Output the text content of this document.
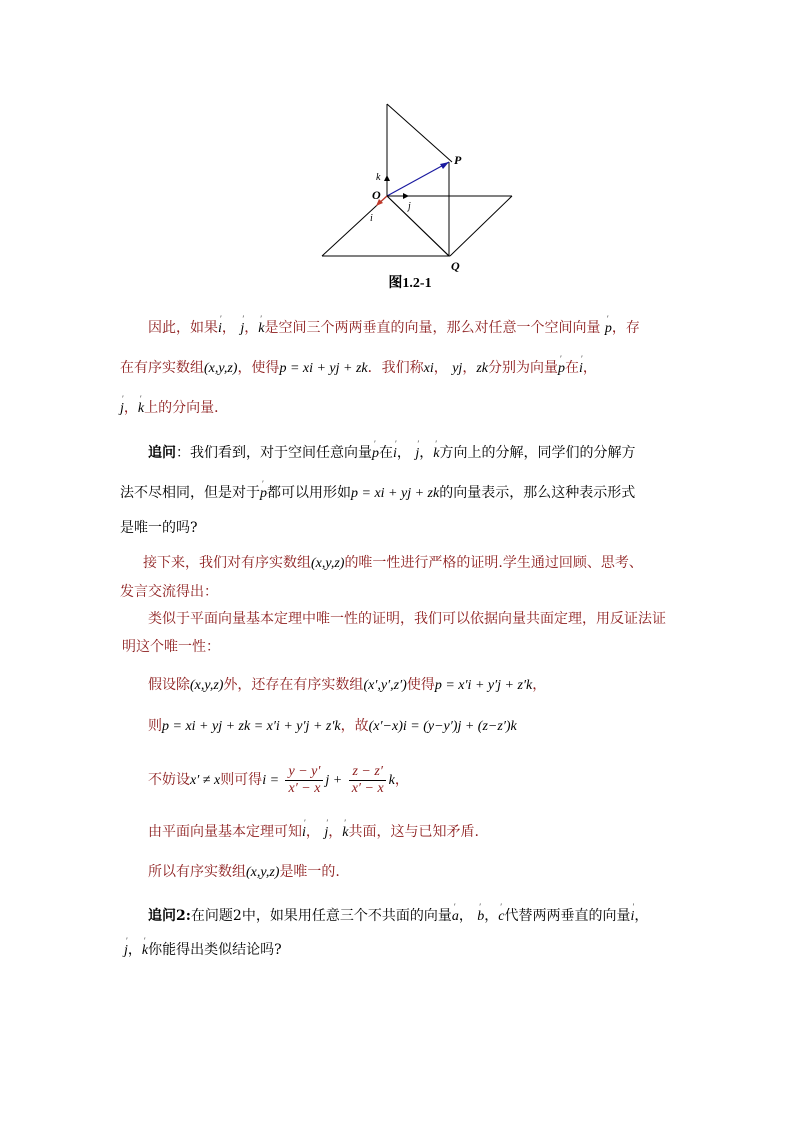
P
O
Q
k
j
i
图1.2-1
因此，如果′ i， ′ j，′ k是空间三个两两垂直的向量，那么对任意一个空间向量 ′ p，存
在有序实数组(x,y,z)，使得p = xi + yj + zk．我们称xi， yj，zk分别为向量′ p在′ i，
′ j，′ k上的分向量．
追问：我们看到，对于空间任意向量′ p在′ i， ′ j，′ k方向上的分解，同学们的分解方
法不尽相同，但是对于′ p都可以用形如p = xi + yj + zk的向量表示，那么这种表示形式
是唯一的吗?
接下来，我们对有序实数组(x,y,z)的唯一性进行严格的证明.学生通过回顾、思考、
发言交流得出：
类似于平面向量基本定理中唯一性的证明，我们可以依据向量共面定理，用反证法证
明这个唯一性：
假设除(x,y,z)外，还存在有序实数组(x′,y′,z′)使得p = x′i + y′j + z′k，
则p = xi + yj + zk = x′i + y′j + z′k，故(x′−x)i = (y−y′)j + (z−z′)k
不妨设x′ ≠ x则可得$i = \frac{y - y'}{x' - x}$ $j + \frac{z - z'}{x' - x}$ k，
由平面向量基本定理可知′ i， ′ j，′ k共面，这与已知矛盾.
所以有序实数组(x,y,z)是唯一的.
追问2:在问题2中，如果用任意三个不共面的向量′ a， ′ b，′ c代替两两垂直的向量′ i，
′ j，′ k你能得出类似结论吗?
